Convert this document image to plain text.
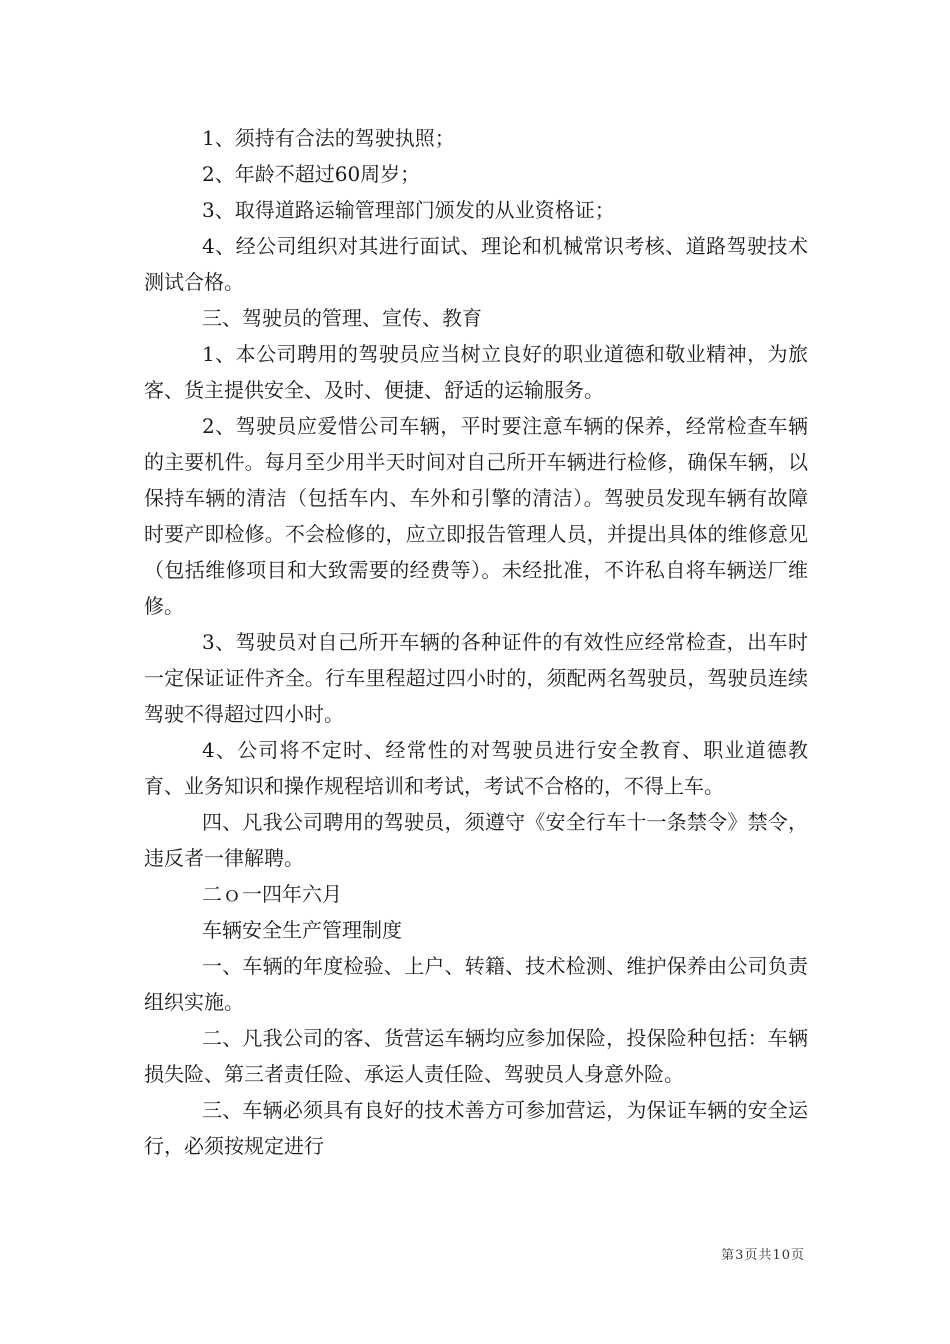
1、须持有合法的驾驶执照；

2、年龄不超过60周岁；

3、取得道路运输管理部门颁发的从业资格证；

4、经公司组织对其进行面试、理论和机械常识考核、道路驾驶技术测试合格。

三、驾驶员的管理、宣传、教育

1、本公司聘用的驾驶员应当树立良好的职业道德和敬业精神，为旅客、货主提供安全、及时、便捷、舒适的运输服务。

2、驾驶员应爱惜公司车辆，平时要注意车辆的保养，经常检查车辆的主要机件。每月至少用半天时间对自己所开车辆进行检修，确保车辆，以保持车辆的清洁（包括车内、车外和引擎的清洁）。驾驶员发现车辆有故障时要产即检修。不会检修的，应立即报告管理人员，并提出具体的维修意见（包括维修项目和大致需要的经费等）。未经批准，不许私自将车辆送厂维修。

3、驾驶员对自己所开车辆的各种证件的有效性应经常检查，出车时一定保证证件齐全。行车里程超过四小时的，须配两名驾驶员，驾驶员连续驾驶不得超过四小时。

4、公司将不定时、经常性的对驾驶员进行安全教育、职业道德教育、业务知识和操作规程培训和考试，考试不合格的，不得上车。

四、凡我公司聘用的驾驶员，须遵守《安全行车十一条禁令》禁令，违反者一律解聘。

二ｏ一四年六月

车辆安全生产管理制度

一、车辆的年度检验、上户、转籍、技术检测、维护保养由公司负责组织实施。

二、凡我公司的客、货营运车辆均应参加保险，投保险种包括：车辆损失险、第三者责任险、承运人责任险、驾驶员人身意外险。

三、车辆必须具有良好的技术善方可参加营运，为保证车辆的安全运行，必须按规定进行

第3页共10页
